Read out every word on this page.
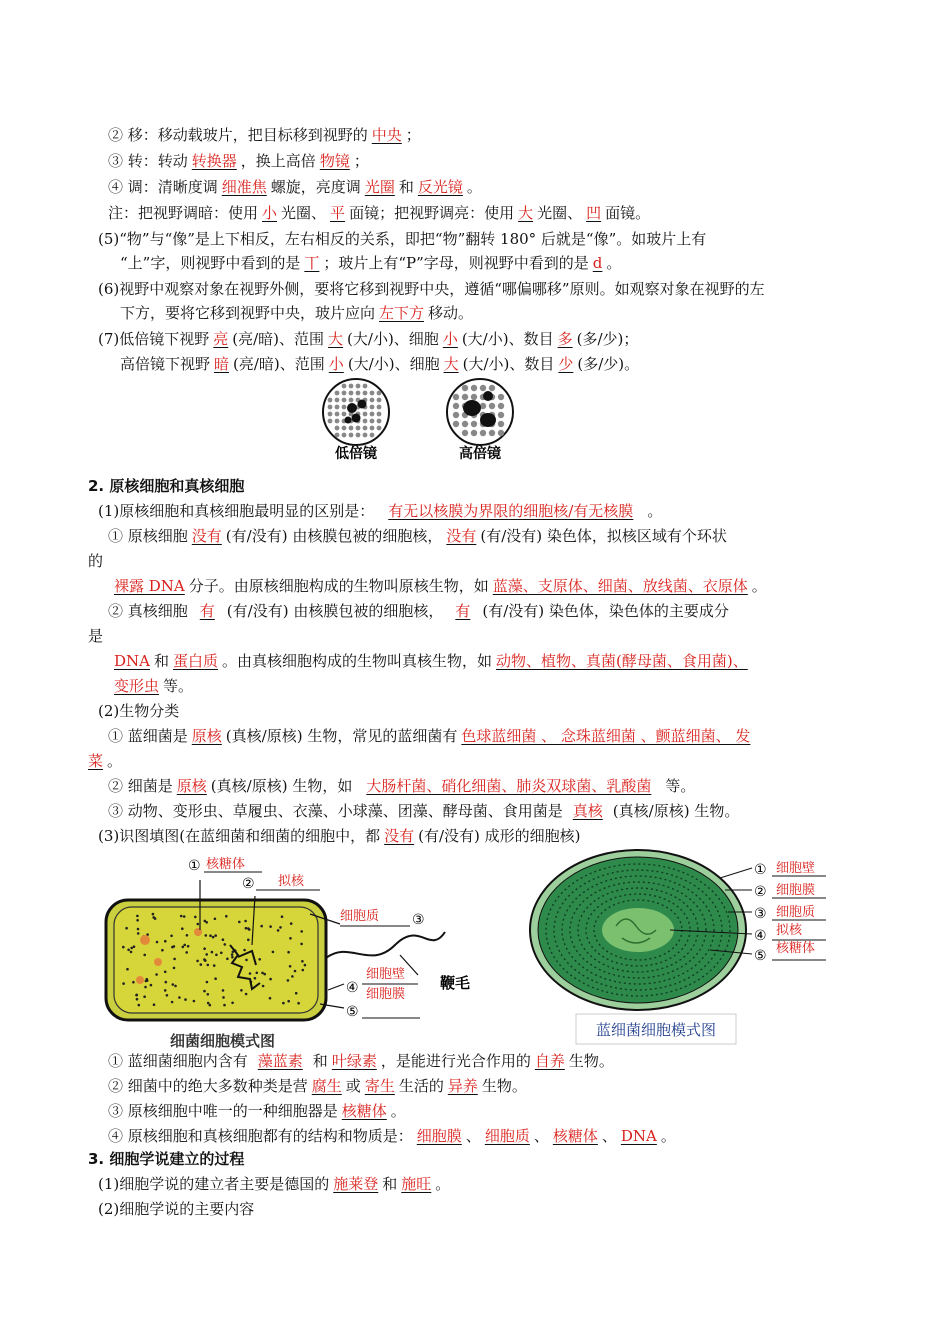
② 移：移动载玻片，把目标移到视野的 中央 ；
③ 转：转动 转换器 ，换上高倍 物镜 ；
④ 调：清晰度调 细准焦 螺旋，亮度调 光圈 和 反光镜 。
注：把视野调暗：使用 小 光圈、 平 面镜；把视野调亮：使用 大 光圈、 凹 面镜。
(5)“物”与“像”是上下相反，左右相反的关系，即把“物”翻转 180° 后就是“像”。如玻片上有
“上”字，则视野中看到的是 丅 ；玻片上有“P”字母，则视野中看到的是 d 。
(6)视野中观察对象在视野外侧，要将它移到视野中央，遵循“哪偏哪移”原则。如观察对象在视野的左
下方，要将它移到视野中央，玻片应向 左下方 移动。
(7)低倍镜下视野 亮 (亮/暗)、范围 大 (大/小)、细胞 小 (大/小)、数目 多 (多/少)；
高倍镜下视野 暗 (亮/暗)、范围 小 (大/小)、细胞 大 (大/小)、数目 少 (多/少)。
低倍镜	高倍镜
2. 原核细胞和真核细胞
(1)原核细胞和真核细胞最明显的区别是： 有无以核膜为界限的细胞核/有无核膜 。
① 原核细胞 没有 (有/没有) 由核膜包被的细胞核， 没有 (有/没有) 染色体，拟核区域有个环状
的
裸露 DNA 分子。由原核细胞构成的生物叫原核生物，如 蓝藻、支原体、细菌、放线菌、衣原体 。
② 真核细胞 有 (有/没有) 由核膜包被的细胞核， 有 (有/没有) 染色体，染色体的主要成分
是
DNA 和 蛋白质 。由真核细胞构成的生物叫真核生物，如 动物、植物、真菌(酵母菌、食用菌)、
变形虫 等。
(2)生物分类
① 蓝细菌是 原核 (真核/原核) 生物，常见的蓝细菌有 色球蓝细菌 、 念珠蓝细菌 、颤蓝细菌、 发
菜 。
② 细菌是 原核 (真核/原核) 生物，如 大肠杆菌、硝化细菌、肺炎双球菌、乳酸菌 等。
③ 动物、变形虫、草履虫、衣藻、小球藻、团藻、酵母菌、食用菌是 真核 (真核/原核) 生物。
(3)识图填图(在蓝细菌和细菌的细胞中，都 没有 (有/没有) 成形的细胞核)
① 核糖体
② 拟核
细胞质 ③
细胞壁
④ 细胞膜
⑤
鞭毛
细菌细胞模式图
① 细胞壁
② 细胞膜
③ 细胞质
④ 拟核
⑤ 核糖体
蓝细菌细胞模式图
① 蓝细菌细胞内含有 藻蓝素 和 叶绿素 ，是能进行光合作用的 自养 生物。
② 细菌中的绝大多数种类是营 腐生 或 寄生 生活的 异养 生物。
③ 原核细胞中唯一的一种细胞器是 核糖体 。
④ 原核细胞和真核细胞都有的结构和物质是： 细胞膜 、 细胞质 、 核糖体 、 DNA 。
3. 细胞学说建立的过程
(1)细胞学说的建立者主要是德国的 施莱登 和 施旺 。
(2)细胞学说的主要内容
